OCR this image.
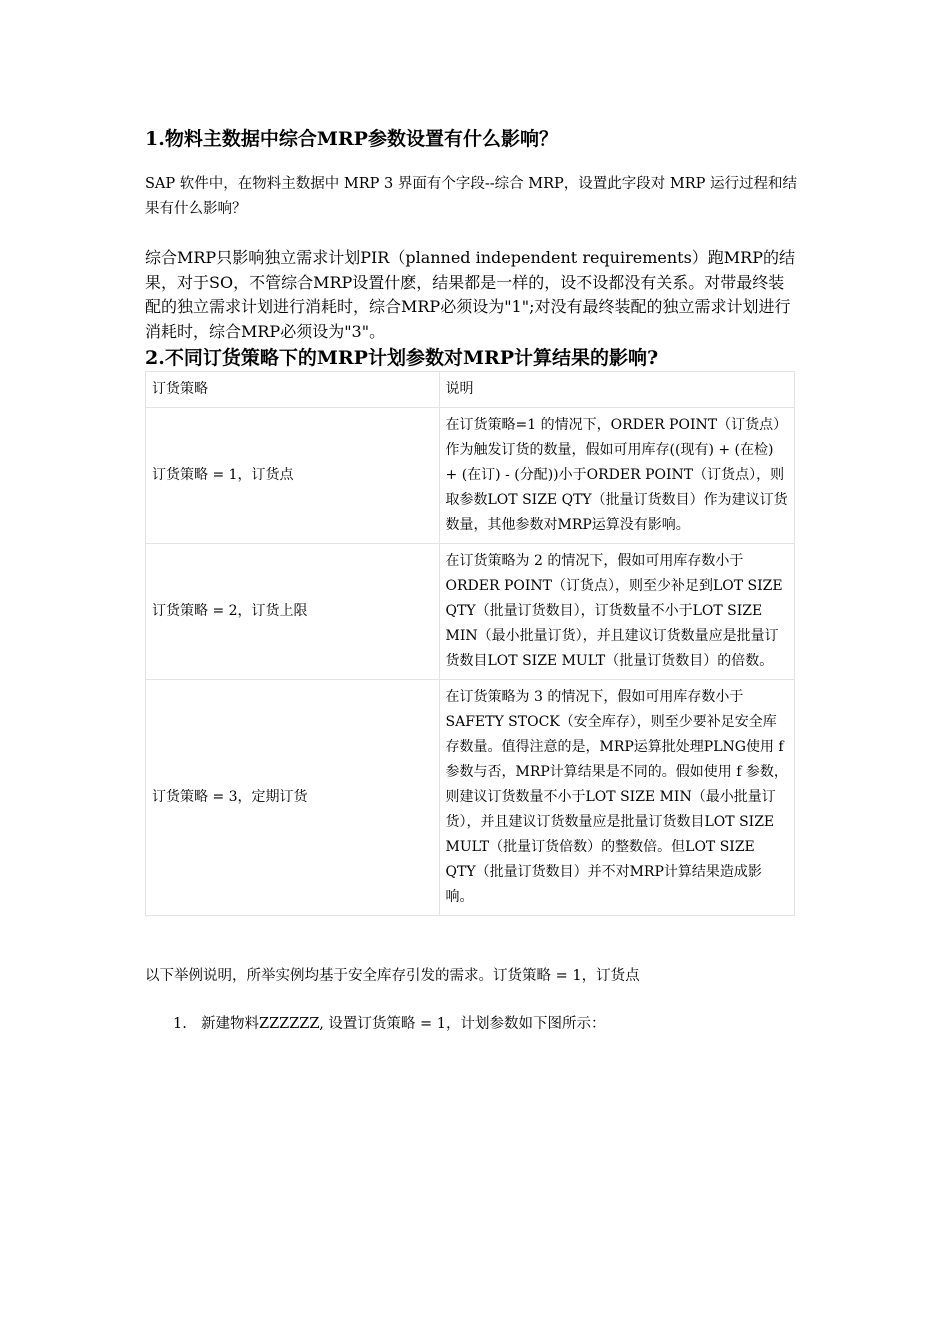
1.物料主数据中综合MRP参数设置有什么影响？
SAP 软件中，在物料主数据中 MRP 3 界面有个字段--综合 MRP，设置此字段对 MRP 运行过程和结果有什么影响？
综合MRP只影响独立需求计划PIR（planned independent requirements）跑MRP的结果，对于SO，不管综合MRP设置什麽，结果都是一样的，设不设都没有关系。对带最终装配的独立需求计划进行消耗时，综合MRP必须设为"1";对没有最终装配的独立需求计划进行消耗时，综合MRP必须设为"3"。
2.不同订货策略下的MRP计划参数对MRP计算结果的影响?
订货策略	说明
订货策略 = 1，订货点	在订货策略=1 的情况下，ORDER POINT（订货点）作为触发订货的数量，假如可用库存((现有) + (在检) + (在订) - (分配))小于ORDER POINT（订货点），则取参数LOT SIZE QTY（批量订货数目）作为建议订货数量，其他参数对MRP运算没有影响。
订货策略 = 2，订货上限	在订货策略为 2 的情况下，假如可用库存数小于ORDER POINT（订货点），则至少补足到LOT SIZE QTY（批量订货数目），订货数量不小于LOT SIZE MIN（最小批量订货），并且建议订货数量应是批量订货数目LOT SIZE MULT（批量订货数目）的倍数。
订货策略 = 3，定期订货	在订货策略为 3 的情况下，假如可用库存数小于SAFETY STOCK（安全库存），则至少要补足安全库存数量。值得注意的是，MRP运算批处理PLNG使用 f 参数与否，MRP计算结果是不同的。假如使用 f 参数，则建议订货数量不小于LOT SIZE MIN（最小批量订货），并且建议订货数量应是批量订货数目LOT SIZE MULT（批量订货倍数）的整数倍。但LOT SIZE QTY（批量订货数目）并不对MRP计算结果造成影响。
以下举例说明，所举实例均基于安全库存引发的需求。订货策略 = 1，订货点
1. 新建物料ZZZZZZ, 设置订货策略 = 1，计划参数如下图所示：
